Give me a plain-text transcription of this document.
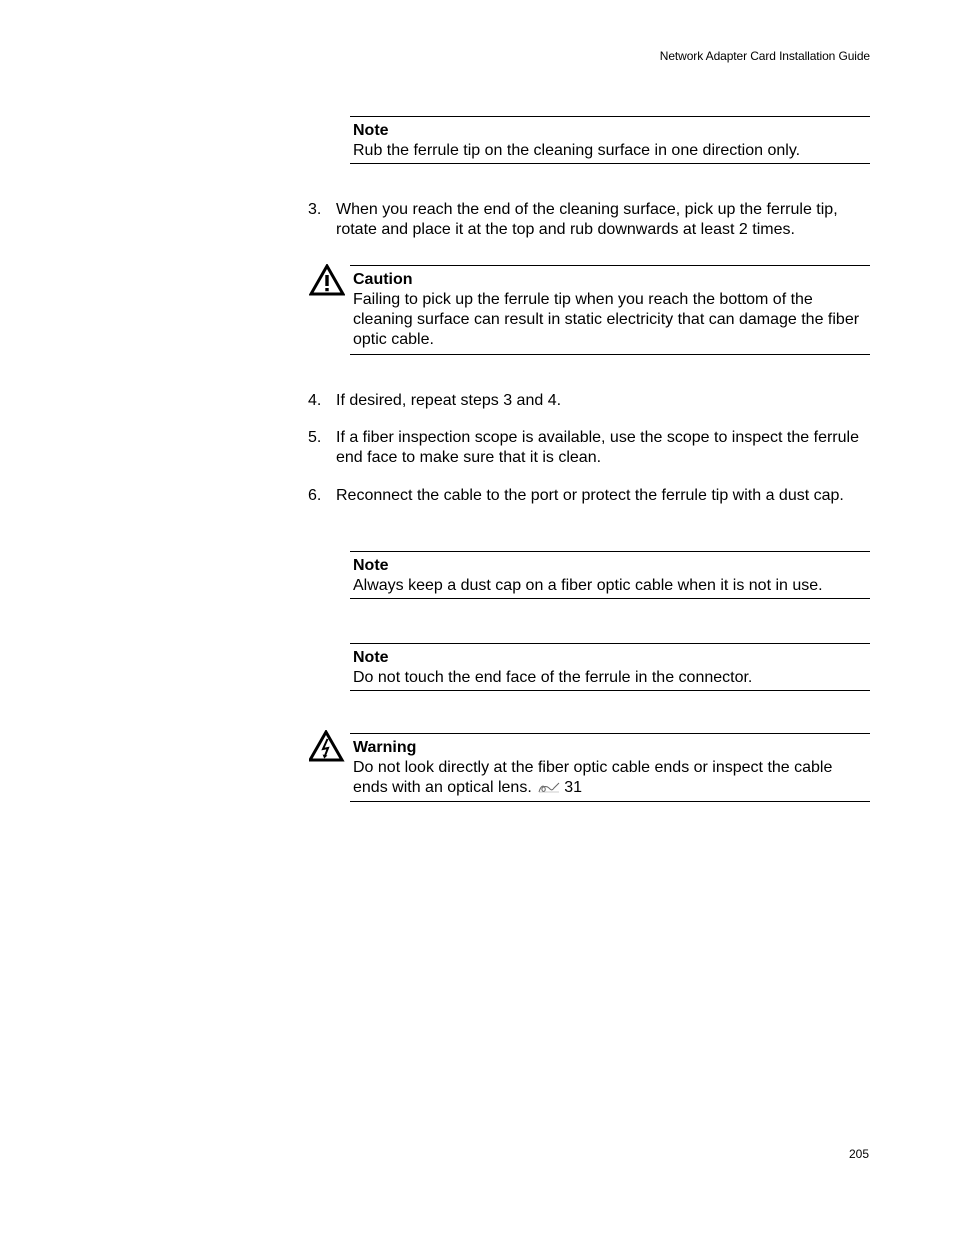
Network Adapter Card Installation Guide
Note
Rub the ferrule tip on the cleaning surface in one direction only.
3. When you reach the end of the cleaning surface, pick up the ferrule tip, rotate and place it at the top and rub downwards at least 2 times.
Caution
Failing to pick up the ferrule tip when you reach the bottom of the cleaning surface can result in static electricity that can damage the fiber optic cable.
4. If desired, repeat steps 3 and 4.
5. If a fiber inspection scope is available, use the scope to inspect the ferrule end face to make sure that it is clean.
6. Reconnect the cable to the port or protect the ferrule tip with a dust cap.
Note
Always keep a dust cap on a fiber optic cable when it is not in use.
Note
Do not touch the end face of the ferrule in the connector.
Warning
Do not look directly at the fiber optic cable ends or inspect the cable ends with an optical lens. 31
205
